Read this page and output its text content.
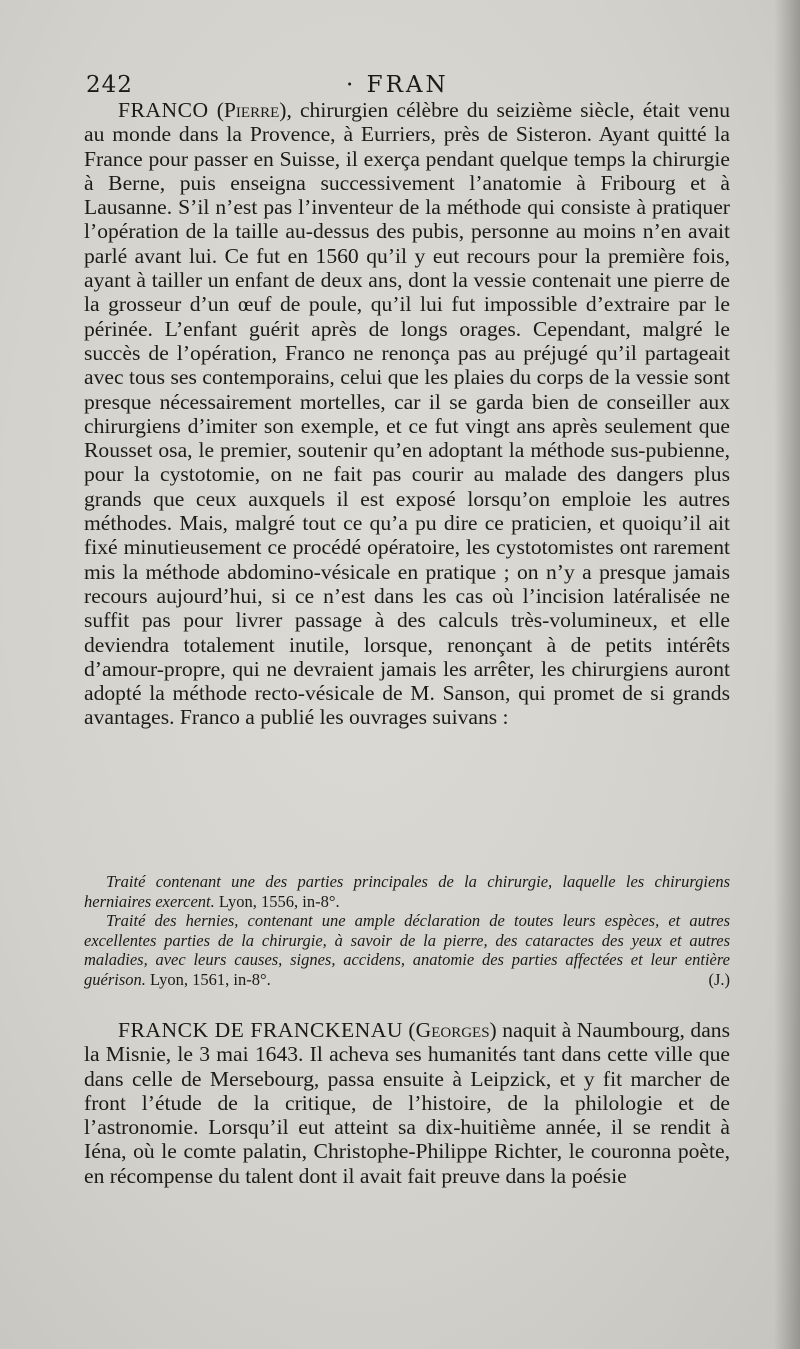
242	· FRAN

FRANCO (Pierre), chirurgien célèbre du seizième siècle, était venu au monde dans la Provence, à Eurriers, près de Sisteron. Ayant quitté la France pour passer en Suisse, il exerça pendant quelque temps la chirurgie à Berne, puis enseigna successivement l’anatomie à Fribourg et à Lausanne. S’il n’est pas l’inventeur de la méthode qui consiste à pratiquer l’opération de la taille au-dessus des pubis, personne au moins n’en avait parlé avant lui. Ce fut en 1560 qu’il y eut recours pour la première fois, ayant à tailler un enfant de deux ans, dont la vessie contenait une pierre de la grosseur d’un œuf de poule, qu’il lui fut impossible d’extraire par le périnée. L’enfant guérit après de longs orages. Cependant, malgré le succès de l’opération, Franco ne renonça pas au préjugé qu’il partageait avec tous ses contemporains, celui que les plaies du corps de la vessie sont presque nécessairement mortelles, car il se garda bien de conseiller aux chirurgiens d’imiter son exemple, et ce fut vingt ans après seulement que Rousset osa, le premier, soutenir qu’en adoptant la méthode sus-pubienne, pour la cystotomie, on ne fait pas courir au malade des dangers plus grands que ceux auxquels il est exposé lorsqu’on emploie les autres méthodes. Mais, malgré tout ce qu’a pu dire ce praticien, et quoiqu’il ait fixé minutieusement ce procédé opératoire, les cystotomistes ont rarement mis la méthode abdomino-vésicale en pratique ; on n’y a presque jamais recours aujourd’hui, si ce n’est dans les cas où l’incision latéralisée ne suffit pas pour livrer passage à des calculs très-volumineux, et elle deviendra totalement inutile, lorsque, renonçant à de petits intérêts d’amour-propre, qui ne devraient jamais les arrêter, les chirurgiens auront adopté la méthode recto-vésicale de M. Sanson, qui promet de si grands avantages. Franco a publié les ouvrages suivans :

Traité contenant une des parties principales de la chirurgie, laquelle les chirurgiens herniaires exercent. Lyon, 1556, in-8°.

Traité des hernies, contenant une ample déclaration de toutes leurs espèces, et autres excellentes parties de la chirurgie, à savoir de la pierre, des cataractes des yeux et autres maladies, avec leurs causes, signes, accidens, anatomie des parties affectées et leur entière guérison. Lyon, 1561, in-8°.	(J.)

FRANCK DE FRANCKENAU (Georges) naquit à Naumbourg, dans la Misnie, le 3 mai 1643. Il acheva ses humanités tant dans cette ville que dans celle de Mersebourg, passa ensuite à Leipzick, et y fit marcher de front l’étude de la critique, de l’histoire, de la philologie et de l’astronomie. Lorsqu’il eut atteint sa dix-huitième année, il se rendit à Iéna, où le comte palatin, Christophe-Philippe Richter, le couronna poète, en récompense du talent dont il avait fait preuve dans la poésie
